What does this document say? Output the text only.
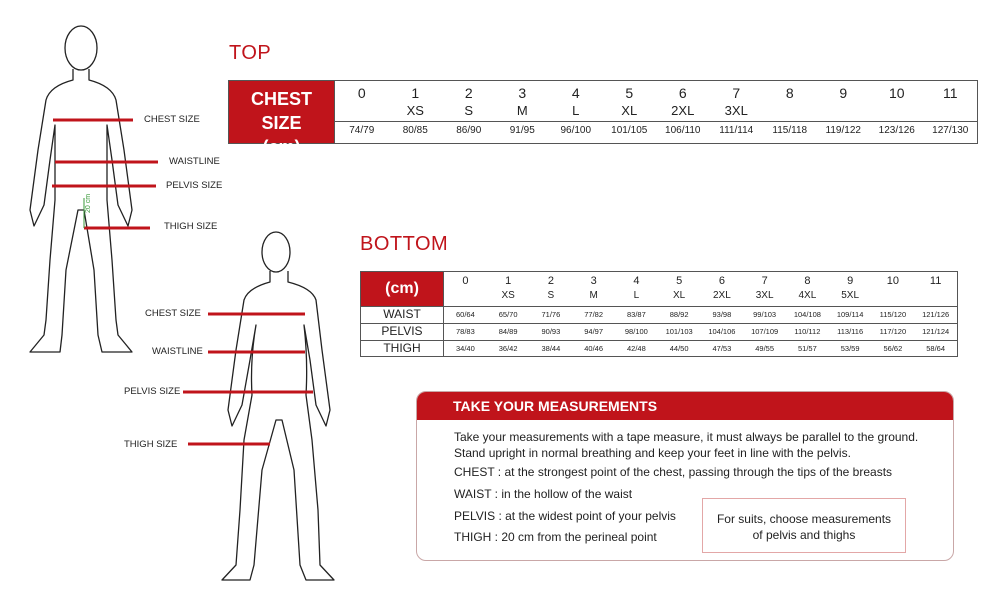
CHEST SIZE
WAISTLINE
PELVIS SIZE
THIGH SIZE
20 cm
CHEST SIZE
WAISTLINE
PELVIS SIZE
THIGH SIZE
TOP
CHEST SIZE
(cm)
0
74/79
1
XS
80/85
2
S
86/90
3
M
91/95
4
L
96/100
5
XL
101/105
6
2XL
106/110
7
3XL
111/114
8
115/118
9
119/122
10
123/126
11
127/130
BOTTOM
(cm)
WAIST
PELVIS
THIGH
0
60/64
78/83
34/40
1
XS
65/70
84/89
36/42
2
S
71/76
90/93
38/44
3
M
77/82
94/97
40/46
4
L
83/87
98/100
42/48
5
XL
88/92
101/103
44/50
6
2XL
93/98
104/106
47/53
7
3XL
99/103
107/109
49/55
8
4XL
104/108
110/112
51/57
9
5XL
109/114
113/116
53/59
10
115/120
117/120
56/62
11
121/126
121/124
58/64
TAKE YOUR MEASUREMENTS
Take your measurements with a tape measure, it must always be parallel to the ground.
Stand upright in normal breathing and keep your feet in line with the pelvis.
CHEST : at the strongest point of the chest, passing through the tips of the breasts
WAIST : in the hollow of the waist
PELVIS : at the widest point of your pelvis
THIGH : 20 cm from the perineal point
For suits, choose measurements
of pelvis and thighs
